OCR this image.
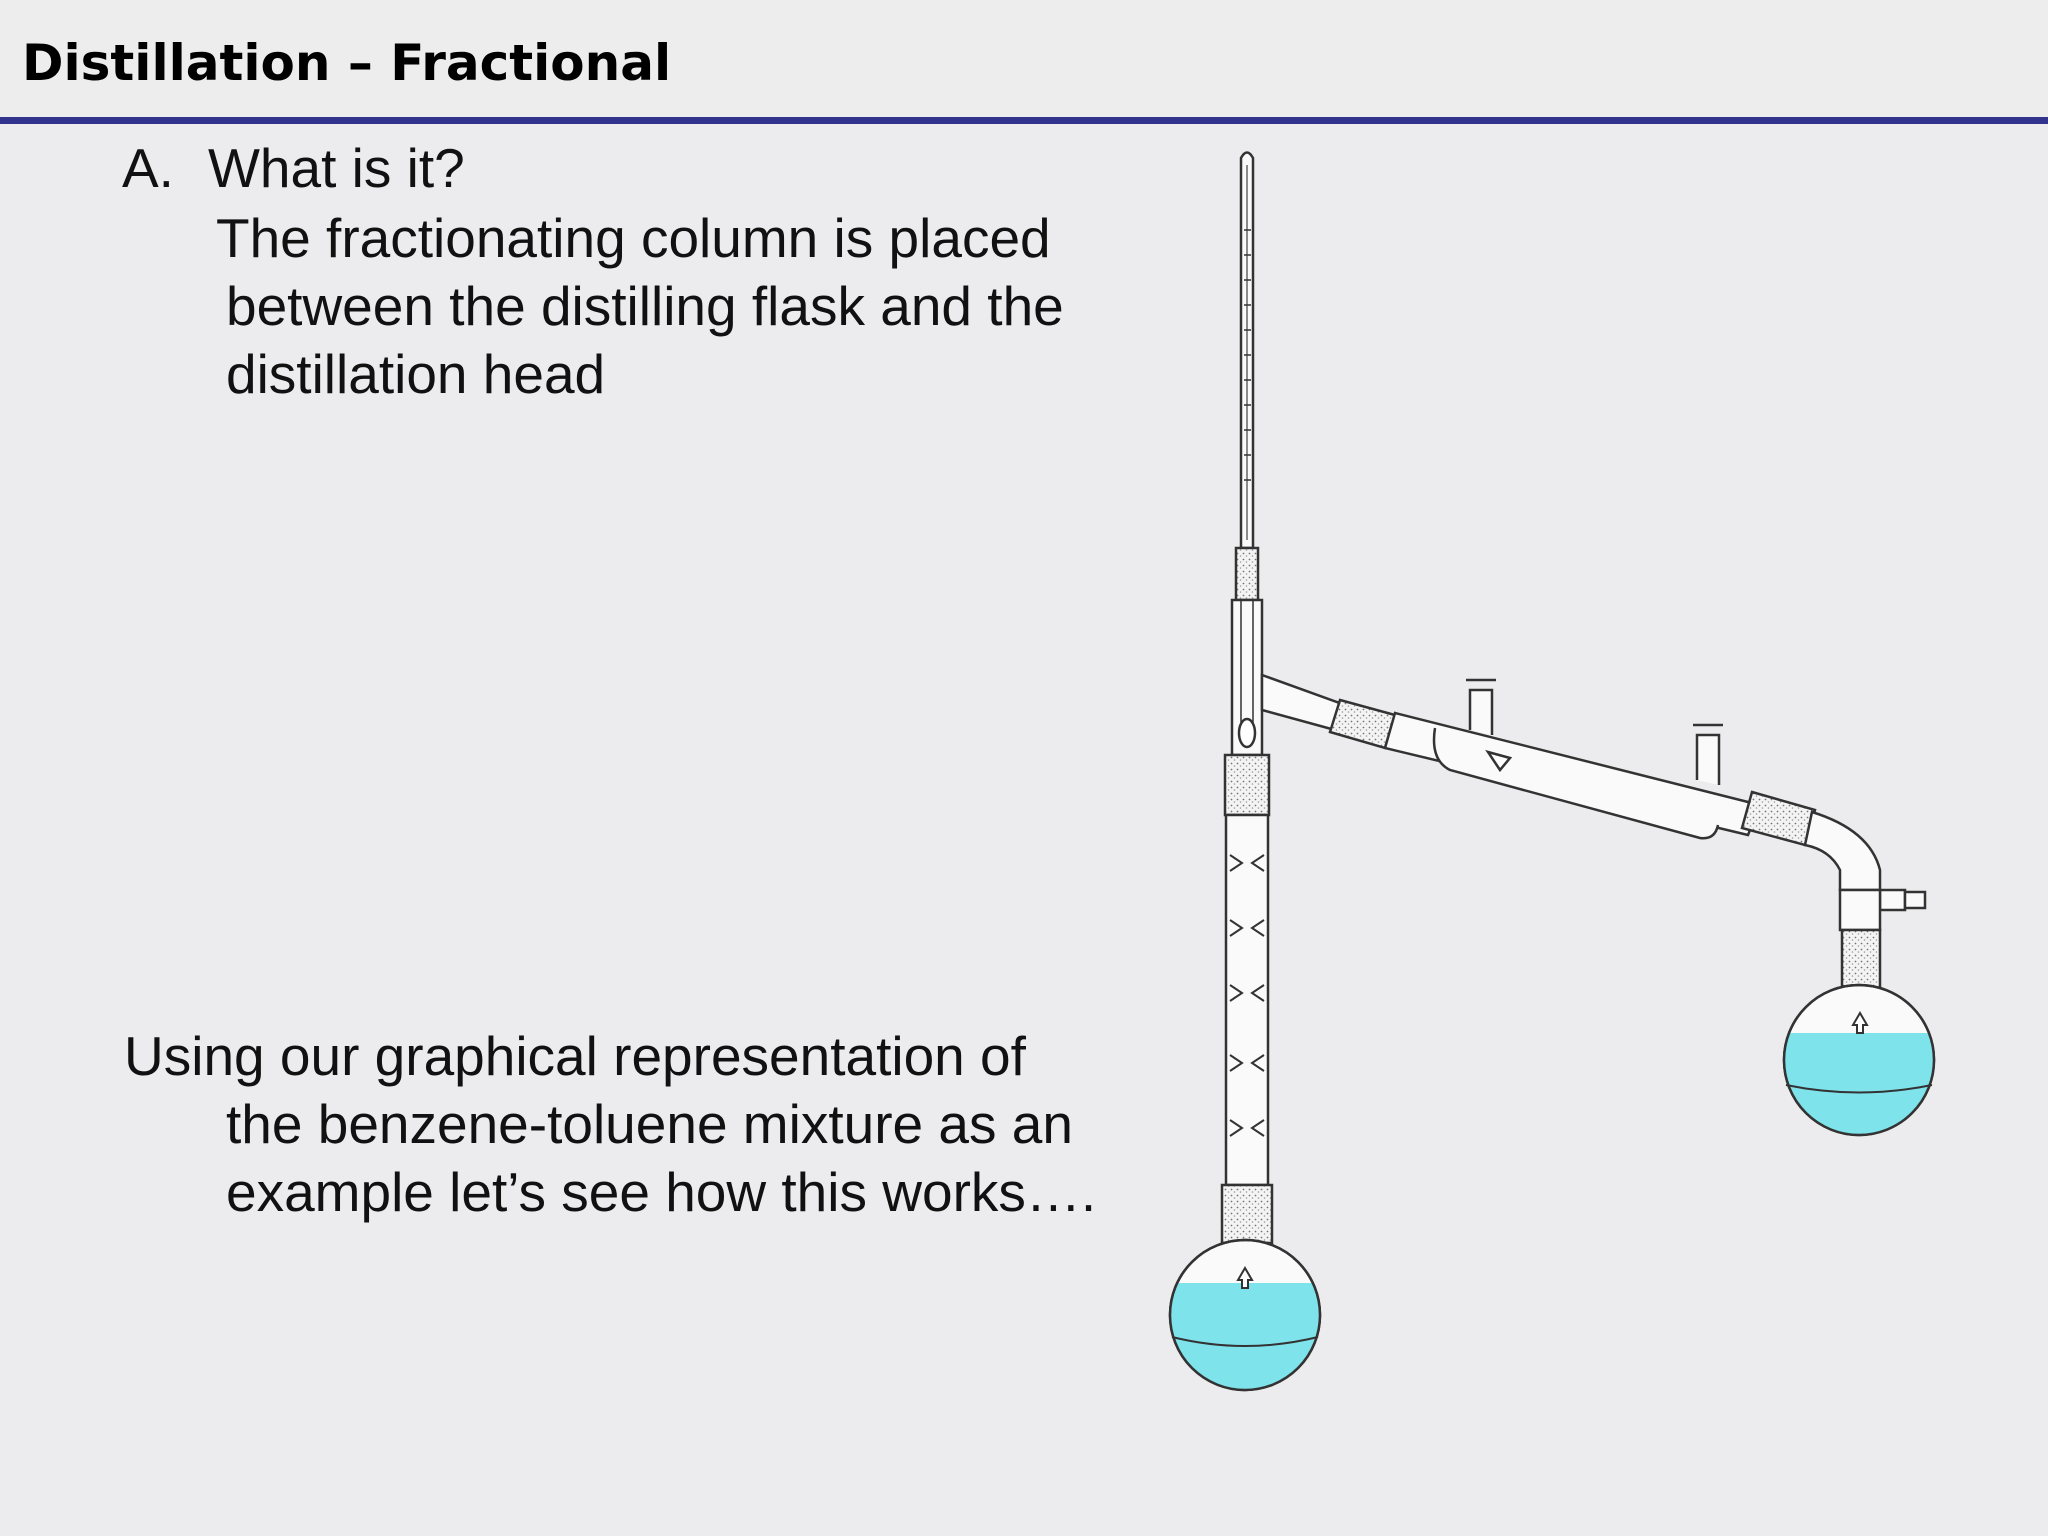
Distillation – Fractional
A. What is it?
The fractionating column is placed
between the distilling flask and the
distillation head
Using our graphical representation of
the benzene-toluene mixture as an
example let’s see how this works….
